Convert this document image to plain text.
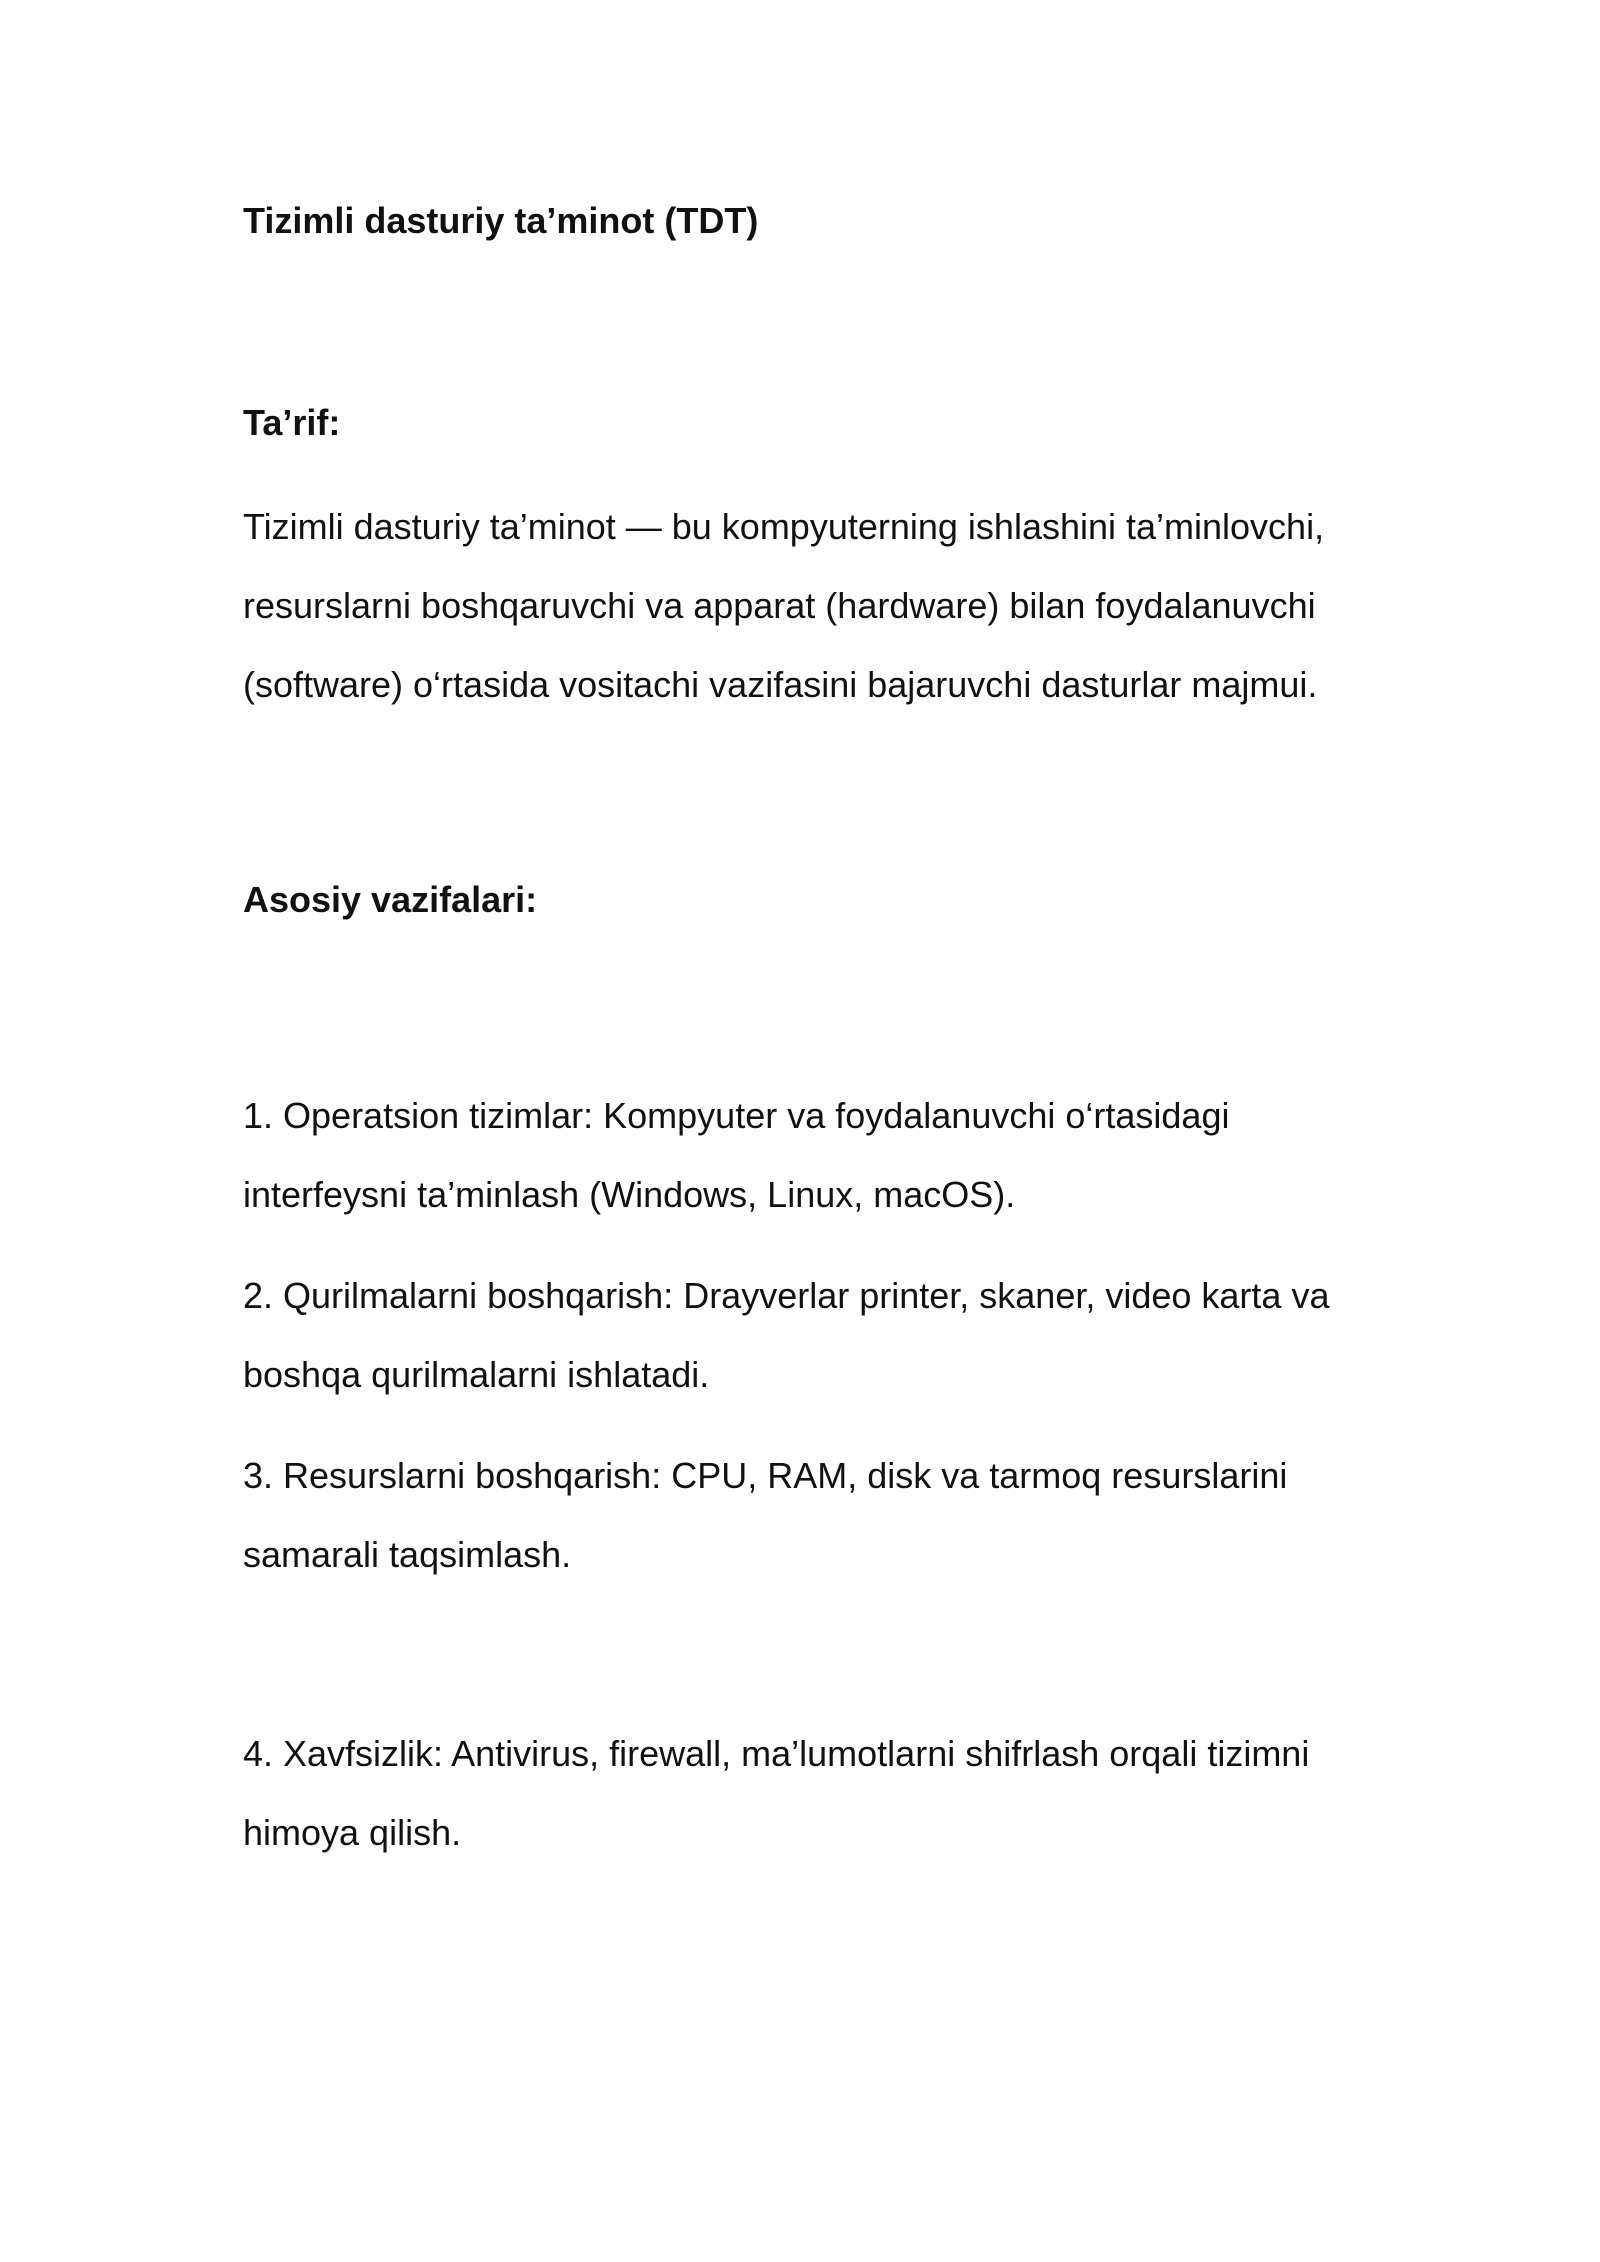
Tizimli dasturiy ta’minot (TDT)

Ta’rif:

Tizimli dasturiy ta’minot — bu kompyuterning ishlashini ta’minlovchi, resurslarni boshqaruvchi va apparat (hardware) bilan foydalanuvchi (software) o‘rtasida vositachi vazifasini bajaruvchi dasturlar majmui.

Asosiy vazifalari:

1. Operatsion tizimlar: Kompyuter va foydalanuvchi o‘rtasidagi interfeysni ta’minlash (Windows, Linux, macOS).

2. Qurilmalarni boshqarish: Drayverlar printer, skaner, video karta va boshqa qurilmalarni ishlatadi.

3. Resurslarni boshqarish: CPU, RAM, disk va tarmoq resurslarini samarali taqsimlash.

4. Xavfsizlik: Antivirus, firewall, ma’lumotlarni shifrlash orqali tizimni himoya qilish.
